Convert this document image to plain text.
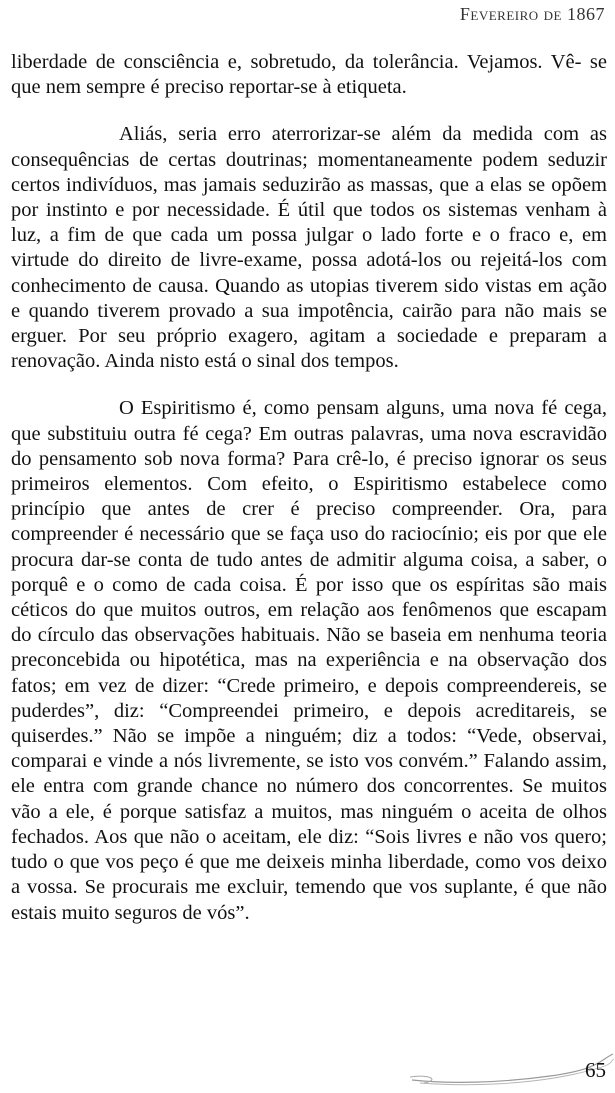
Fevereiro de 1867

liberdade de consciência e, sobretudo, da tolerância. Vejamos. Vê- se que nem sempre é preciso reportar-se à etiqueta.

Aliás, seria erro aterrorizar-se além da medida com as consequências de certas doutrinas; momentaneamente podem seduzir certos indivíduos, mas jamais seduzirão as massas, que a elas se opõem por instinto e por necessidade. É útil que todos os sistemas venham à luz, a fim de que cada um possa julgar o lado forte e o fraco e, em virtude do direito de livre-exame, possa adotá-los ou rejeitá-los com conhecimento de causa. Quando as utopias tiverem sido vistas em ação e quando tiverem provado a sua impotência, cairão para não mais se erguer. Por seu próprio exagero, agitam a sociedade e preparam a renovação. Ainda nisto está o sinal dos tempos.

O Espiritismo é, como pensam alguns, uma nova fé cega, que substituiu outra fé cega? Em outras palavras, uma nova escravidão do pensamento sob nova forma? Para crê-lo, é preciso ignorar os seus primeiros elementos. Com efeito, o Espiritismo estabelece como princípio que antes de crer é preciso compreender. Ora, para compreender é necessário que se faça uso do raciocínio; eis por que ele procura dar-se conta de tudo antes de admitir alguma coisa, a saber, o porquê e o como de cada coisa. É por isso que os espíritas são mais céticos do que muitos outros, em relação aos fenômenos que escapam do círculo das observações habituais. Não se baseia em nenhuma teoria preconcebida ou hipotética, mas na experiência e na observação dos fatos; em vez de dizer: “Crede primeiro, e depois compreendereis, se puderdes”, diz: “Compreendei primeiro, e depois acreditareis, se quiserdes.” Não se impõe a ninguém; diz a todos: “Vede, observai, comparai e vinde a nós livremente, se isto vos convém.” Falando assim, ele entra com grande chance no número dos concorrentes. Se muitos vão a ele, é porque satisfaz a muitos, mas ninguém o aceita de olhos fechados. Aos que não o aceitam, ele diz: “Sois livres e não vos quero; tudo o que vos peço é que me deixeis minha liberdade, como vos deixo a vossa. Se procurais me excluir, temendo que vos suplante, é que não estais muito seguros de vós”.

65
